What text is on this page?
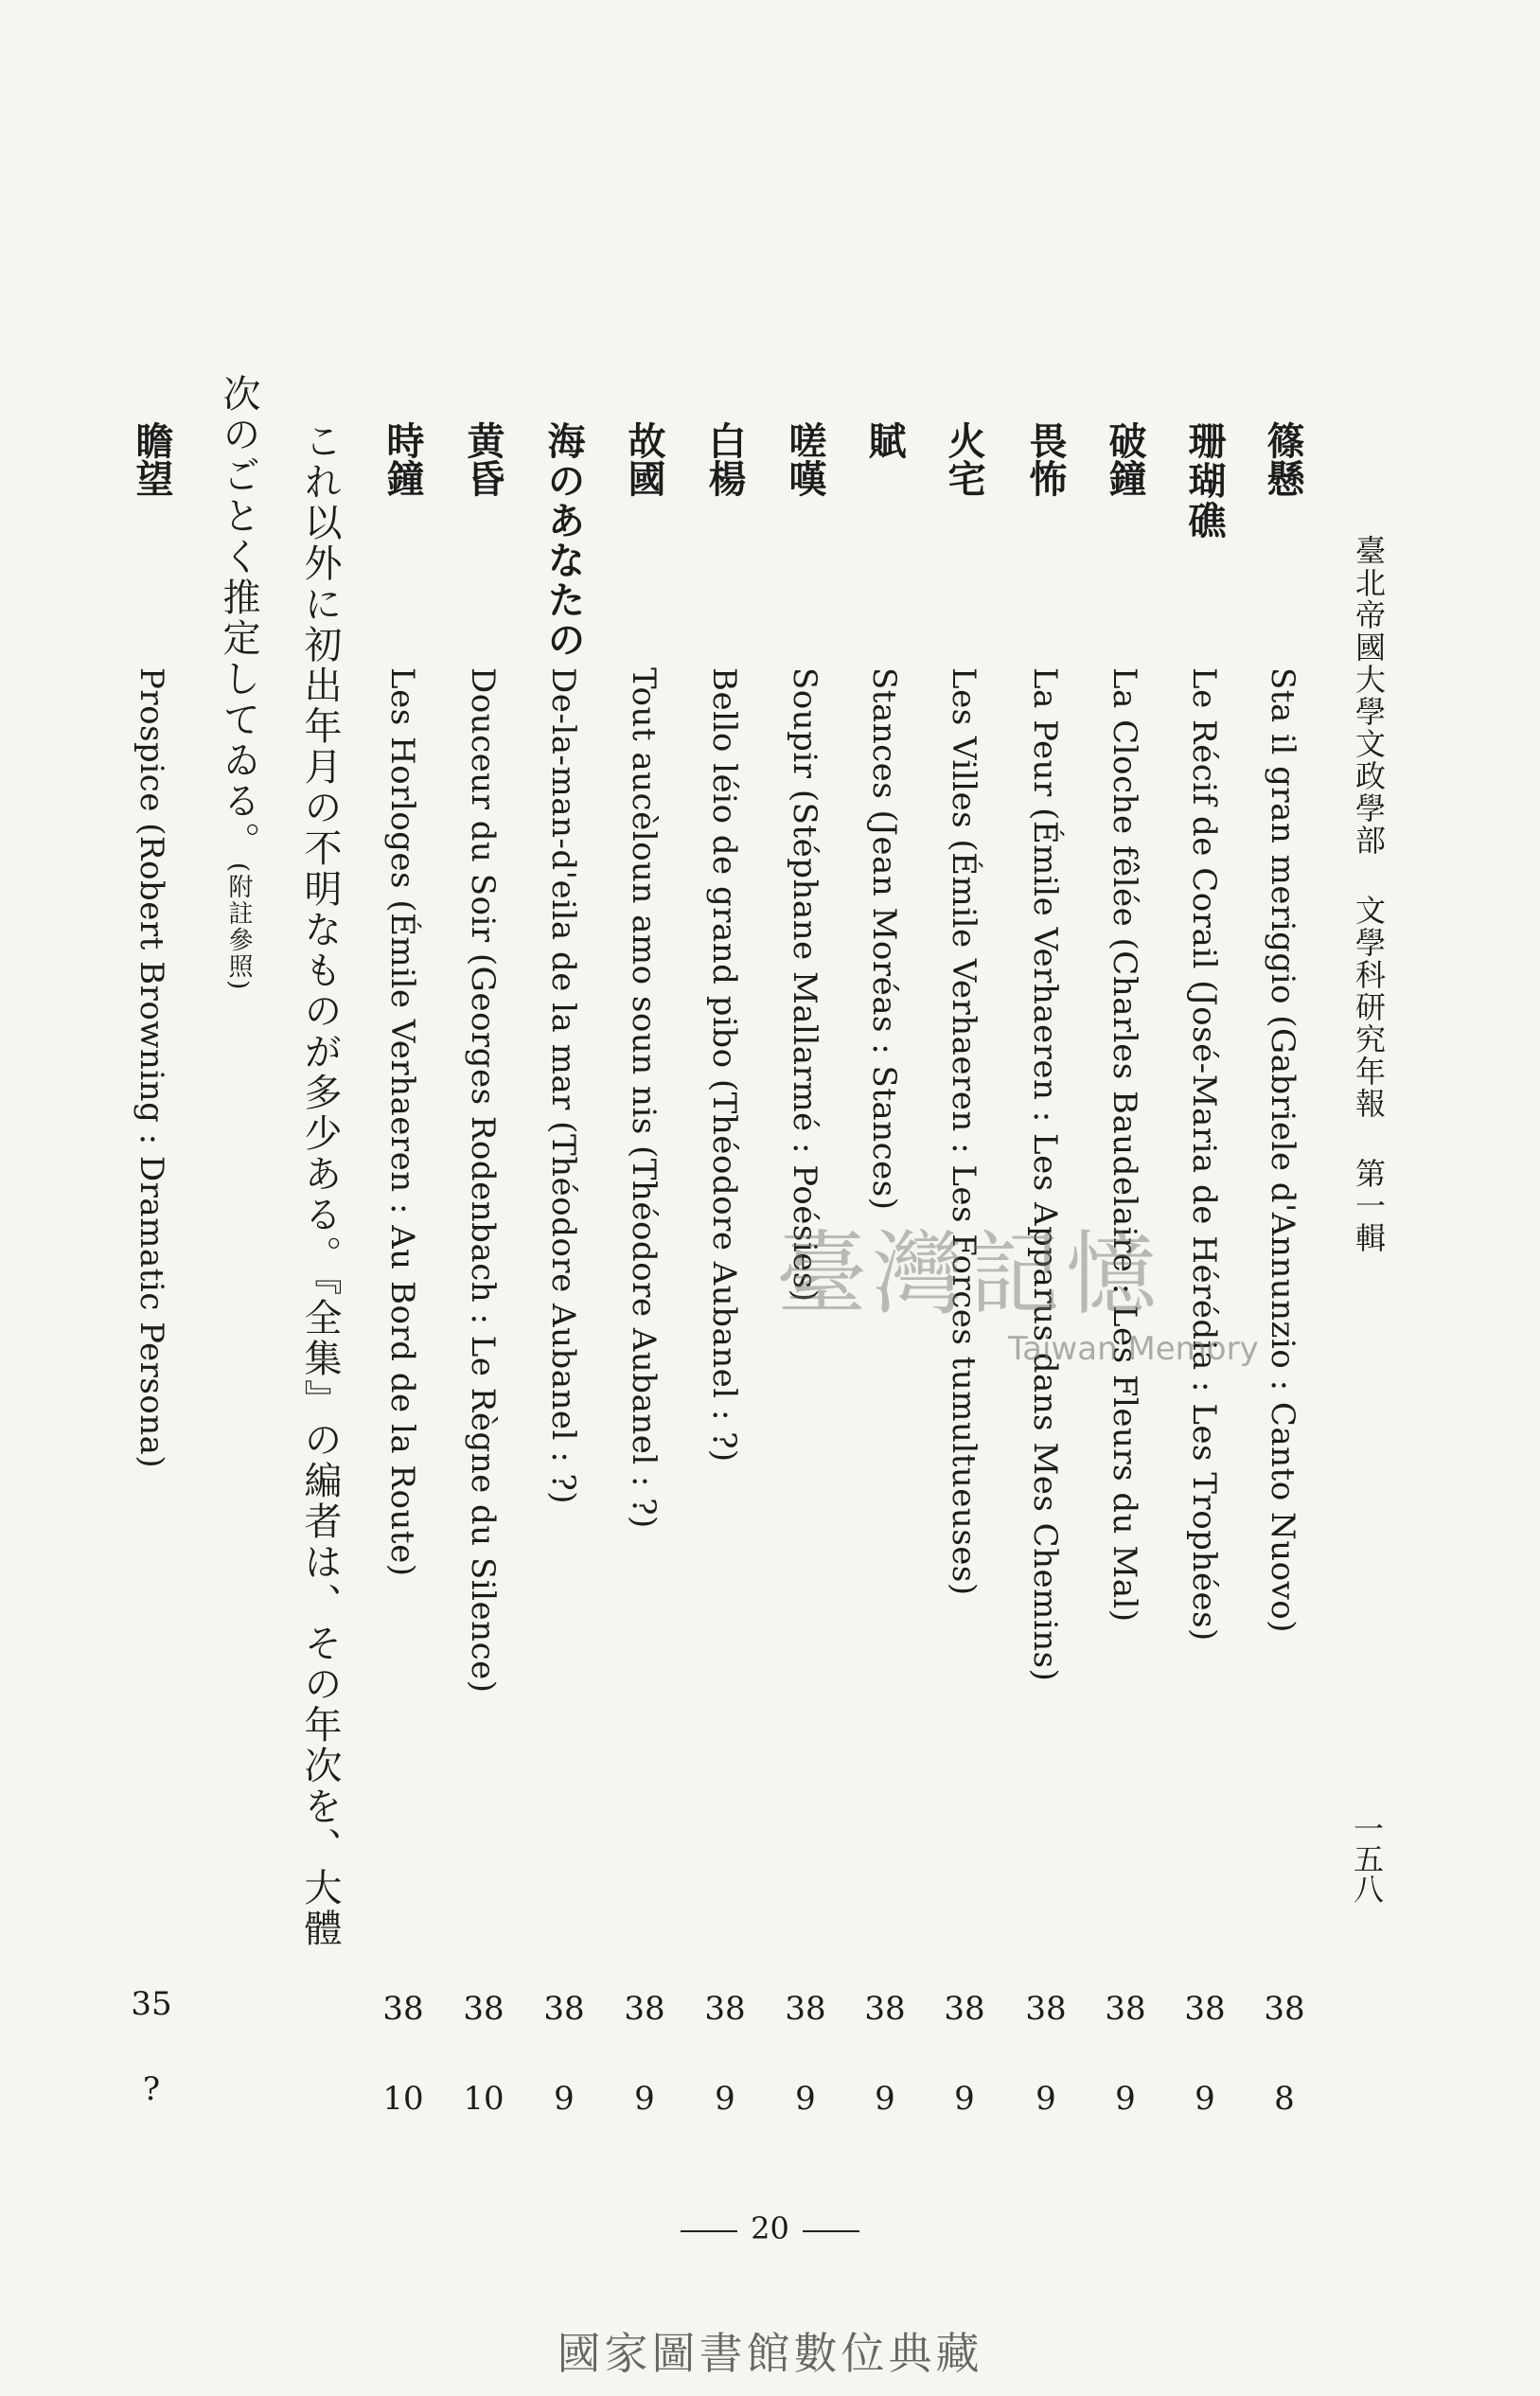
臺北帝國大學文政學部文學科研究年報第一輯
一五八
篠懸Sta il gran meriggio (Gabriele d'Annunzio : Canto Nuovo)
珊瑚礁Le Récif de Corail (José-Maria de Hérédia : Les Trophées)
破鐘La Cloche fêlée (Charles Baudelaire : Les Fleurs du Mal)
畏怖La Peur (Émile Verhaeren : Les Apparus dans Mes Chemins)
火宅Les Villes (Émile Verhaeren : Les Forces tumultueuses)
賦Stances (Jean Moréas : Stances)
嗟嘆Soupir (Stéphane Mallarmé : Poésies)
白楊Bello léio de grand pibo (Théodore Aubanel : ?)
故國Tout aucèloun amo soun nis (Théodore Aubanel : ?)
海のあなたのDe-la-man-d'eila de la mar (Théodore Aubanel : ?)
黄昏Douceur du Soir (Georges Rodenbach : Le Règne du Silence)
時鐘Les Horloges (Émile Verhaeren : Au Bord de la Route)
38
8
38
9
38
9
38
9
38
9
38
9
38
9
38
9
38
9
38
9
38
10
38
10
これ以外に初出年月の不明なものが多少ある。『全集』の編者は、その年次を、大體
次のごとく推定してゐる。(附註參照)
瞻望Prospice (Robert Browning : Dramatic Persona)
35
?
臺灣記憶
Taiwan Memory
20
國家圖書館數位典藏
